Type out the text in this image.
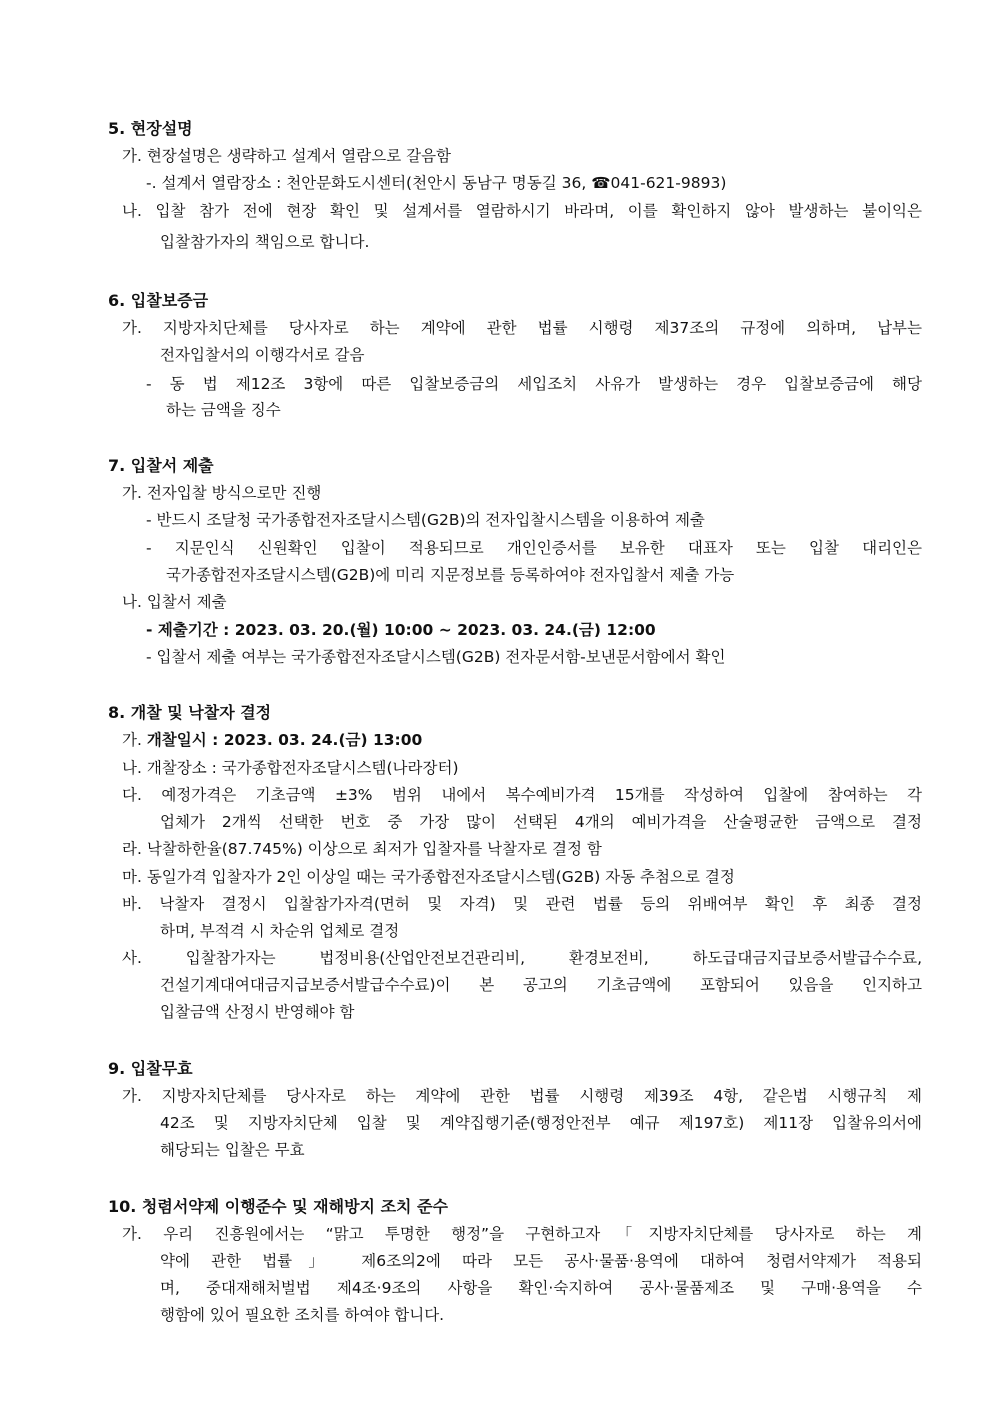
5. 현장설명
가. 현장설명은 생략하고 설계서 열람으로 갈음함
-. 설계서 열람장소 : 천안문화도시센터(천안시 동남구 명동길 36, ☎041-621-9893)
나. 입찰 참가 전에 현장 확인 및 설계서를 열람하시기 바라며, 이를 확인하지 않아 발생하는 불이익은
입찰참가자의 책임으로 합니다.
6. 입찰보증금
가. 지방자치단체를 당사자로 하는 계약에 관한 법률 시행령 제37조의 규정에 의하며, 납부는
전자입찰서의 이행각서로 갈음
- 동 법 제12조 3항에 따른 입찰보증금의 세입조치 사유가 발생하는 경우 입찰보증금에 해당
하는 금액을 징수
7. 입찰서 제출
가. 전자입찰 방식으로만 진행
- 반드시 조달청 국가종합전자조달시스템(G2B)의 전자입찰시스템을 이용하여 제출
- 지문인식 신원확인 입찰이 적용되므로 개인인증서를 보유한 대표자 또는 입찰 대리인은
국가종합전자조달시스템(G2B)에 미리 지문정보를 등록하여야 전자입찰서 제출 가능
나. 입찰서 제출
- 제출기간 : 2023. 03. 20.(월) 10:00 ~ 2023. 03. 24.(금) 12:00
- 입찰서 제출 여부는 국가종합전자조달시스템(G2B) 전자문서함-보낸문서함에서 확인
8. 개찰 및 낙찰자 결정
가. 개찰일시 : 2023. 03. 24.(금) 13:00
나. 개찰장소 : 국가종합전자조달시스템(나라장터)
다. 예정가격은 기초금액 ±3% 범위 내에서 복수예비가격 15개를 작성하여 입찰에 참여하는 각
업체가 2개씩 선택한 번호 중 가장 많이 선택된 4개의 예비가격을 산술평균한 금액으로 결정
라. 낙찰하한율(87.745%) 이상으로 최저가 입찰자를 낙찰자로 결정 함
마. 동일가격 입찰자가 2인 이상일 때는 국가종합전자조달시스템(G2B) 자동 추첨으로 결정
바. 낙찰자 결정시 입찰참가자격(면허 및 자격) 및 관련 법률 등의 위배여부 확인 후 최종 결정
하며, 부적격 시 차순위 업체로 결정
사. 입찰참가자는 법정비용(산업안전보건관리비, 환경보전비, 하도급대금지급보증서발급수수료,
건설기계대여대금지급보증서발급수수료)이 본 공고의 기초금액에 포함되어 있음을 인지하고
입찰금액 산정시 반영해야 함
9. 입찰무효
가. 지방자치단체를 당사자로 하는 계약에 관한 법률 시행령 제39조 4항, 같은법 시행규칙 제
42조 및 지방자치단체 입찰 및 계약집행기준(행정안전부 예규 제197호) 제11장 입찰유의서에
해당되는 입찰은 무효
10. 청렴서약제 이행준수 및 재해방지 조치 준수
가. 우리 진흥원에서는 “맑고 투명한 행정”을 구현하고자「지방자치단체를 당사자로 하는 계
약에 관한 법률」 제6조의2에 따라 모든 공사·물품·용역에 대하여 청렴서약제가 적용되
며, 중대재해처벌법 제4조·9조의 사항을 확인·숙지하여 공사·물품제조 및 구매·용역을 수
행함에 있어 필요한 조치를 하여야 합니다.
